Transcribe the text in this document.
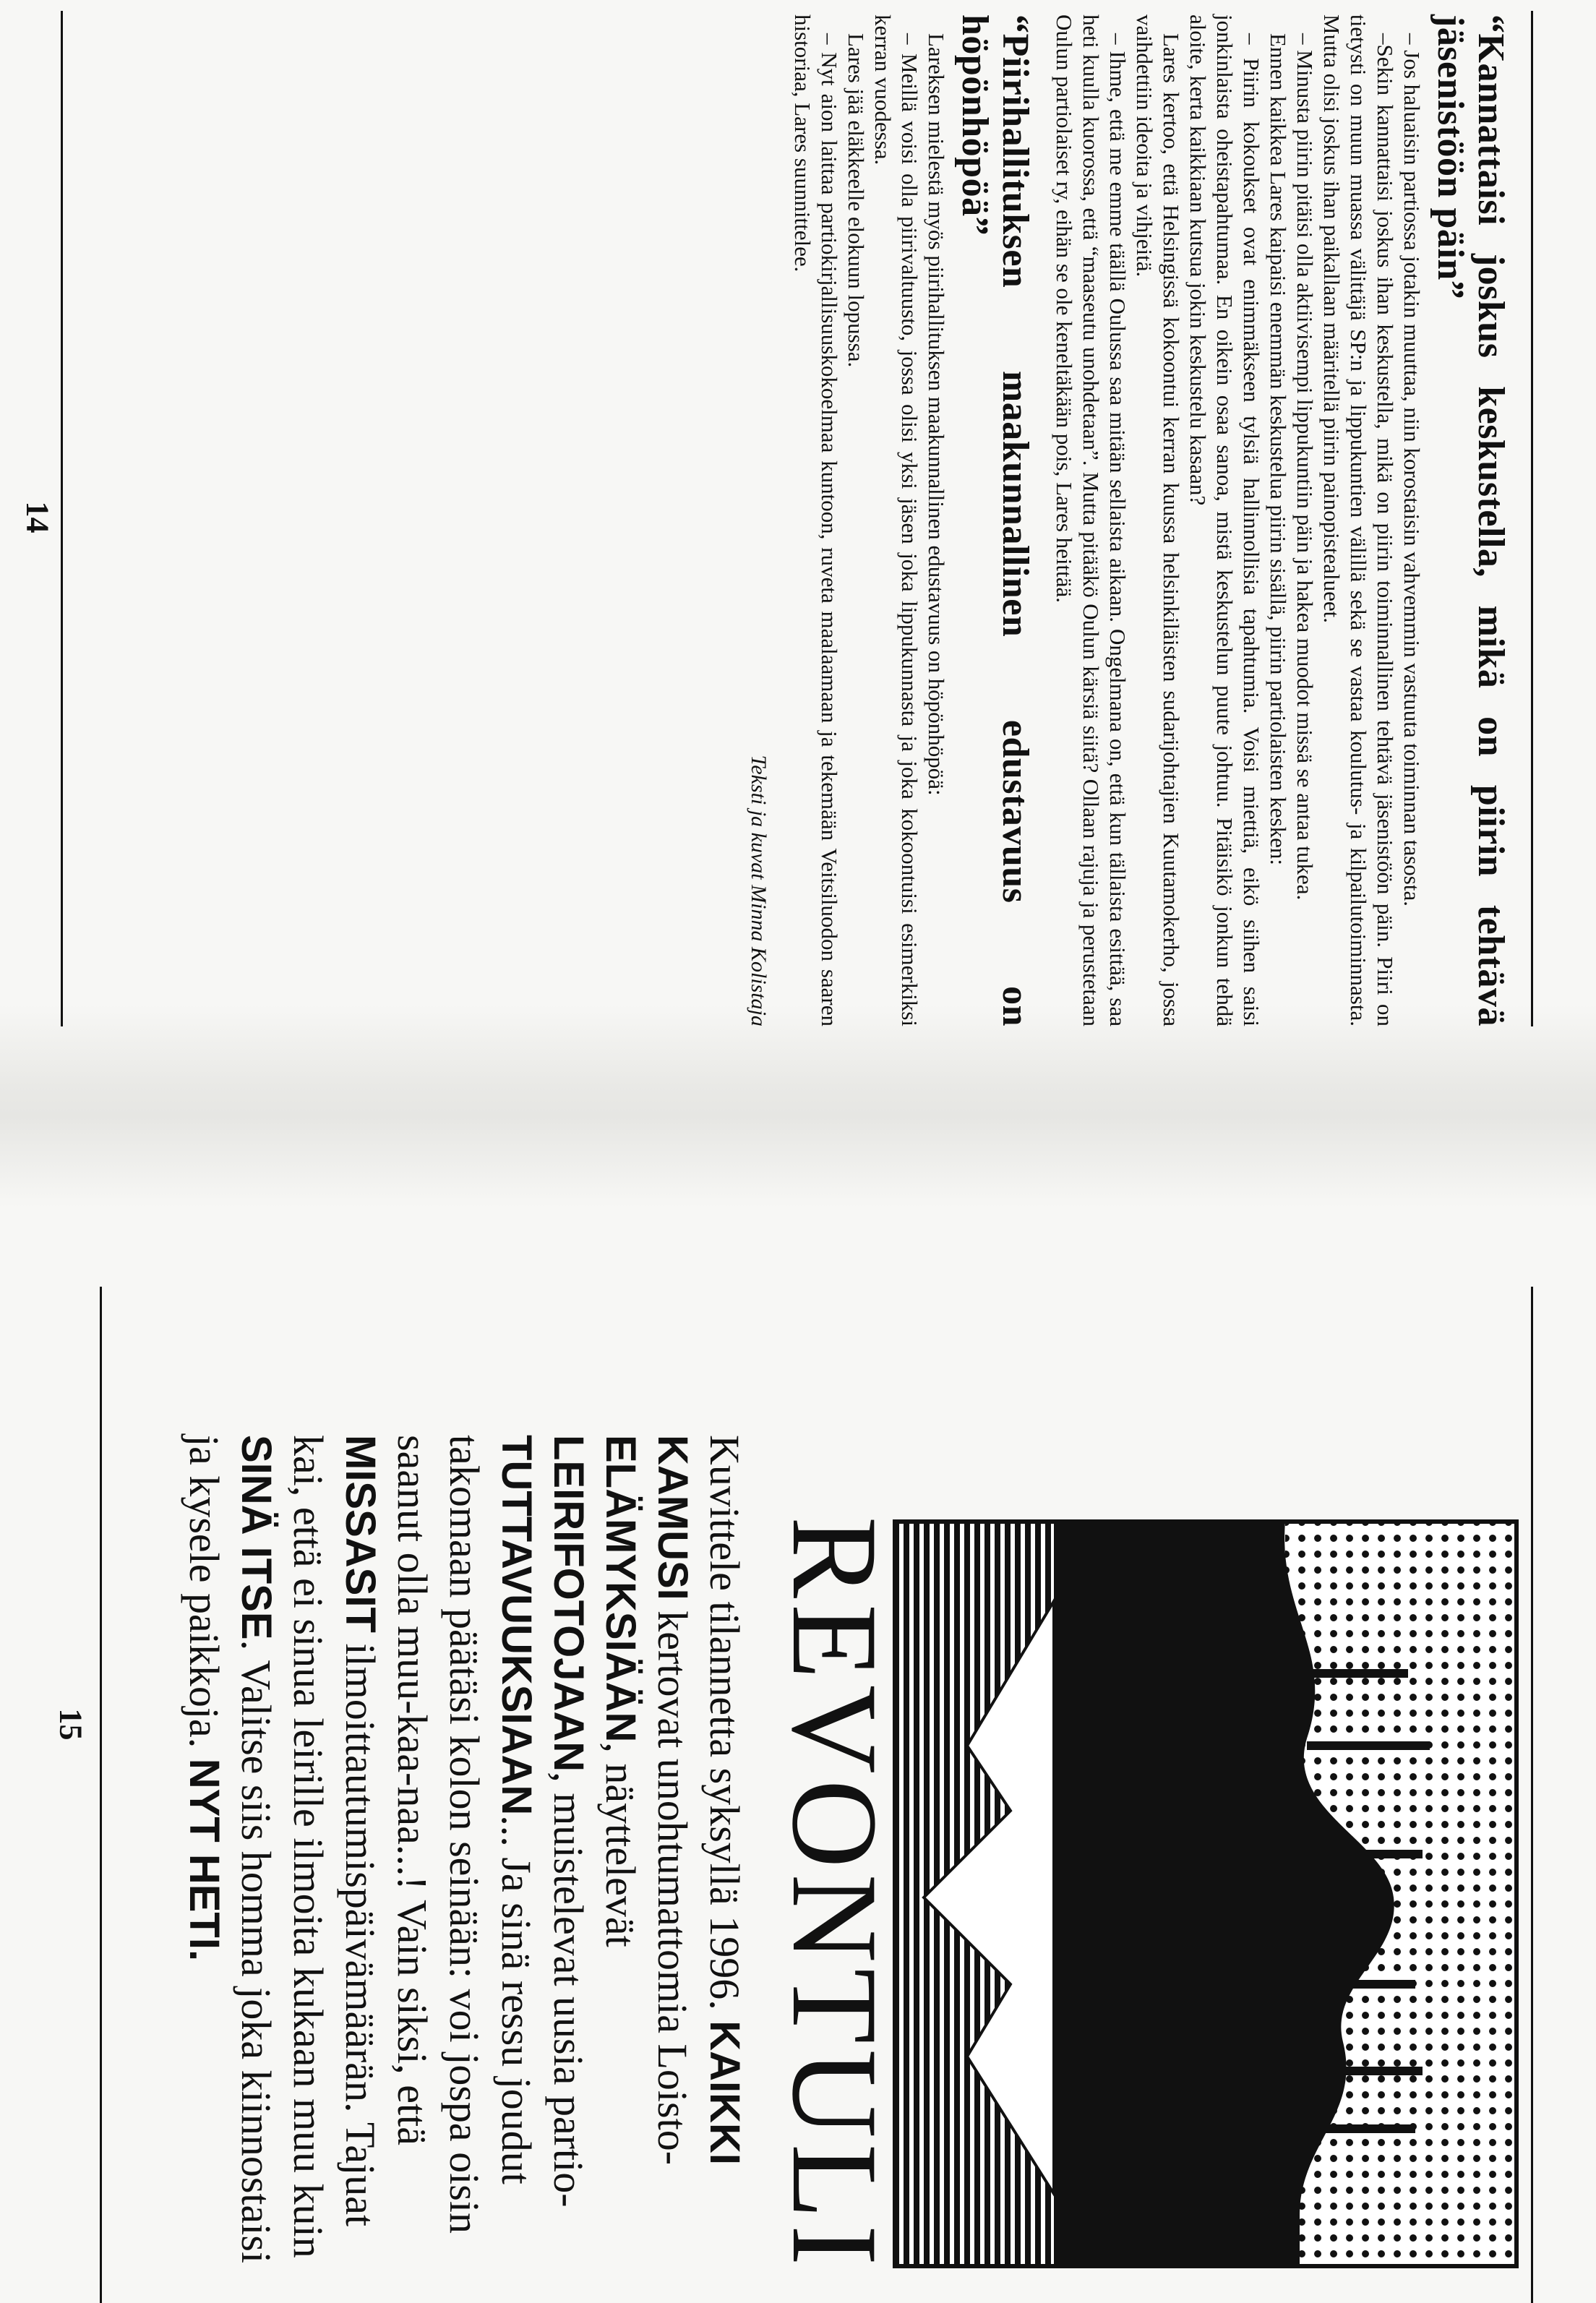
14	“Kannattaisi joskus keskustella, mikä on piirin tehtävä jäsenistöön päin”

– Jos haluaisin partiossa jotakin muuttaa, niin korostaisin vahvemmin vastuuta toiminnan tasosta.

–Sekin kannattaisi joskus ihan keskustella, mikä on piirin toiminnallinen tehtävä jäsenistöön päin. Piiri on tietysti on muun muassa välittäjä SP:n ja lippukuntien välillä sekä se vastaa koulutus- ja kilpailutoiminnasta. Mutta olisi joskus ihan paikallaan määritellä piirin painopistealueet.

– Minusta piirin pitäisi olla aktiivisempi lippukuntiin päin ja hakea muodot missä se antaa tukea.

Ennen kaikkea Lares kaipaisi enemmän keskustelua piirin sisällä, piirin partiolaisten kesken:

– Piirin kokoukset ovat enimmäkseen tylsiä hallinnollisia tapahtumia. Voisi miettiä, eikö siihen saisi jonkinlaista oheistapahtumaa. En oikein osaa sanoa, mistä keskustelun puute johtuu. Pitäisikö jonkun tehdä aloite, kerta kaikkiaan kutsua jokin keskustelu kasaan?

Lares kertoo, että Helsingissä kokoontui kerran kuussa helsinkiläisten sudarijohtajien Kuutamokerho, jossa vaihdettiin ideoita ja vihjeitä.

– Ihme, että me emme täällä Oulussa saa mitään sellaista aikaan. Ongelmana on, että kun tällaista esittää, saa heti kuulla kuorossa, että “maaseutu unohdetaan”. Mutta pitääkö Oulun kärsiä siitä? Ollaan rajuja ja perustetaan Oulun partiolaiset ry, eihän se ole keneltäkään pois, Lares heittää.

“Piirihallituksen maakunnallinen edustavuus on höpönhöpöä”

Lareksen mielestä myös piirihallituksen maakunnallinen edustavuus on höpönhöpöä:

– Meillä voisi olla piirivaltuusto, jossa olisi yksi jäsen joka lippukunnasta ja joka kokoontuisi esimerkiksi kerran vuodessa.

Lares jää eläkkeelle elokuun lopussa.

– Nyt aion laittaa partiokirjallisuuskokoelmaa kuntoon, ruveta maalaamaan ja tekemään Veitsiluodon saaren historiaa, Lares suunnittelee.

Teksti ja kuvat Minna Kolistaja
15	REVONTULI
Kuvittele tilannetta syksyllä 1996. KAIKKI KAMUSI kertovat unohtumattomia Loisto-ELÄMYKSIÄÄN, näyttelevät LEIRIFOTOJAAN, muistelevat uusia partio-TUTTAVUUKSIAAN... Ja sinä ressu joudut takomaan päätäsi kolon seinään: voi jospa oisin saanut olla muu-kaa-naa...! Vain siksi, että MISSASIT ilmoittautumispäivämäärän. Tajuat kai, että ei sinua leirille ilmoita kukaan muu kuin SINÄ ITSE. Valitse siis homma joka kiinnostaisi ja kysele paikkoja. NYT HETI.
